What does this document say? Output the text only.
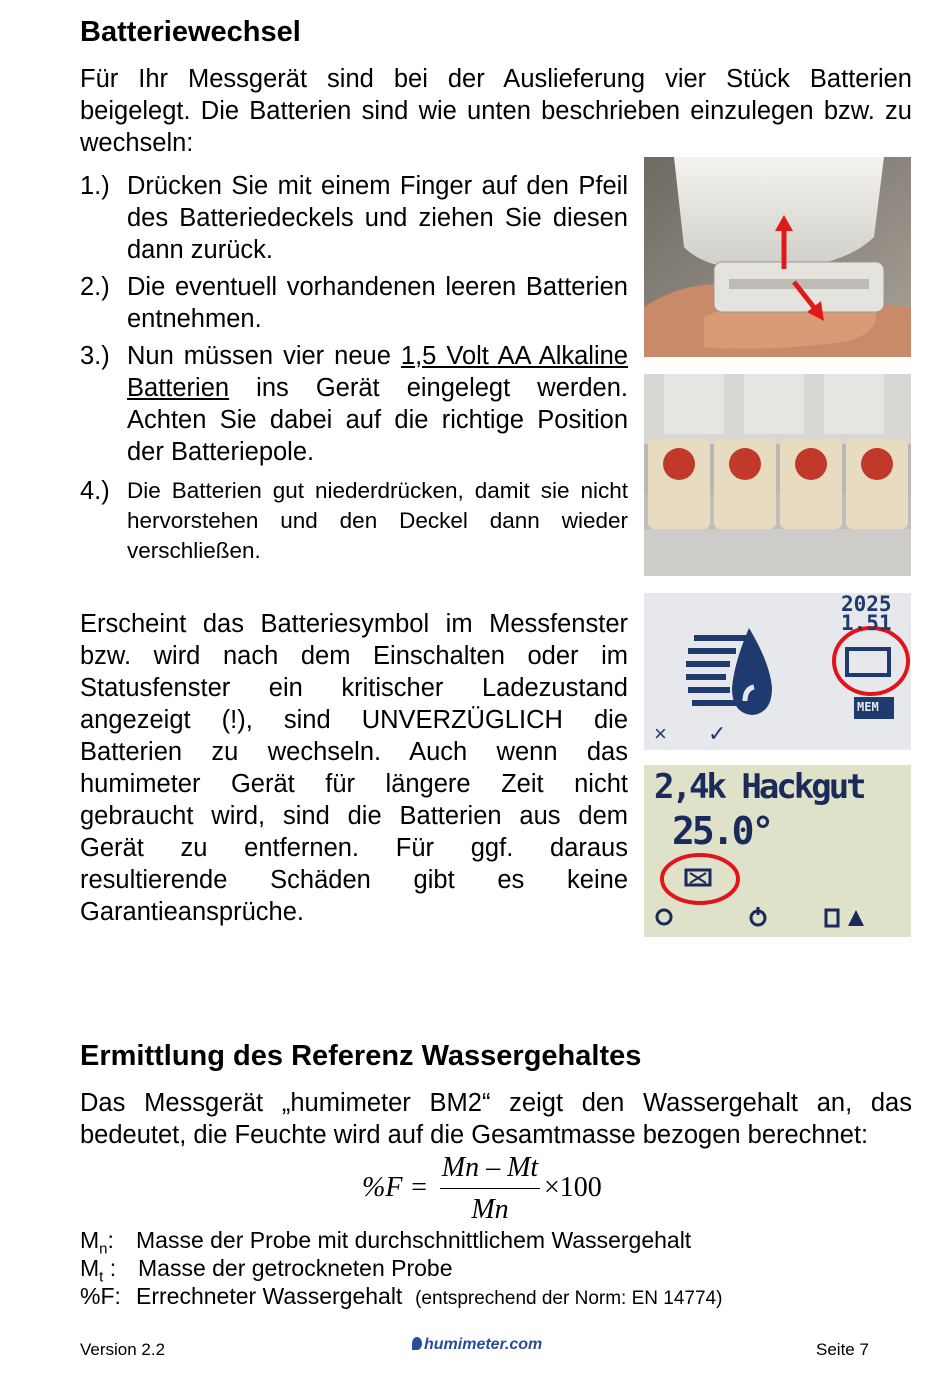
Batteriewechsel
Für Ihr Messgerät sind bei der Auslieferung vier Stück Batterien beigelegt. Die Batterien sind wie unten beschrieben einzulegen bzw. zu wechseln:
1.) Drücken Sie mit einem Finger auf den Pfeil des Batteriedeckels und ziehen Sie diesen dann zurück.
2.) Die eventuell vorhandenen leeren Batterien entnehmen.
3.) Nun müssen vier neue 1,5 Volt AA Alkaline Batterien ins Gerät eingelegt werden. Achten Sie dabei auf die richtige Position der Batteriepole.
4.) Die Batterien gut niederdrücken, damit sie nicht hervorstehen und den Deckel dann wieder verschließen.
Erscheint das Batteriesymbol im Messfenster bzw. wird nach dem Einschalten oder im Statusfenster ein kritischer Ladezustand angezeigt (!), sind UNVERZÜGLICH die Batterien zu wechseln. Auch wenn das humimeter Gerät für längere Zeit nicht gebraucht wird, sind die Batterien aus dem Gerät zu entfernen. Für ggf. daraus resultierende Schäden gibt es keine Garantieansprüche.
2025
1.51
MEM
× ✓
2,4k Hackgut
25.0°
Ermittlung des Referenz Wassergehaltes
Das Messgerät „humimeter BM2“ zeigt den Wassergehalt an, das bedeutet, die Feuchte wird auf die Gesamtmasse bezogen berechnet:
%F =
Mn – Mt
Mn
×100
$M_n$: Masse der Probe mit durchschnittlichem Wassergehalt
$M_t$ : Masse der getrockneten Probe
%F: Errechneter Wassergehalt (entsprechend der Norm: EN 14774)
Version 2.2	humimeter.com	Seite 7
